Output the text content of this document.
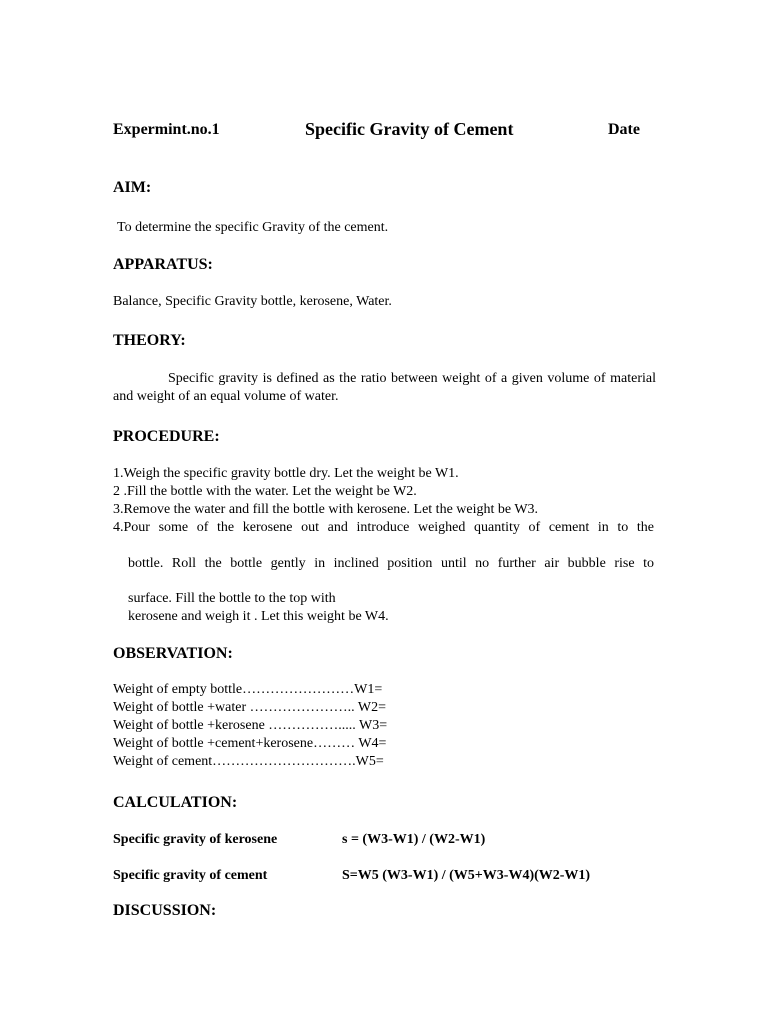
Expermint.no.1	Specific Gravity of Cement	Date
AIM:
To determine the specific Gravity of the cement.
APPARATUS:
Balance, Specific Gravity bottle, kerosene, Water.
THEORY:
Specific gravity is defined as the ratio between weight of a given volume of material and weight of an equal volume of water.
PROCEDURE:
1.Weigh the specific gravity bottle dry. Let the weight be W1.
2 .Fill the bottle with the water. Let the weight be W2.
3.Remove the water and fill the bottle with kerosene. Let the weight be W3.
4.Pour some of the kerosene out and introduce weighed quantity of cement in to the
bottle. Roll the bottle gently in inclined position until no further air bubble rise to
surface. Fill the bottle to the top with
kerosene and weigh it . Let this weight be W4.
OBSERVATION:
Weight of empty bottle……………………W1=
Weight of bottle +water ………………….. W2=
Weight of bottle +kerosene ……………..... W3=
Weight of bottle +cement+kerosene……… W4=
Weight of cement………………………….W5=
CALCULATION:
Specific gravity of kerosene	s = (W3-W1) / (W2-W1)
Specific gravity of cement	S=W5 (W3-W1) / (W5+W3-W4)(W2-W1)
DISCUSSION:
